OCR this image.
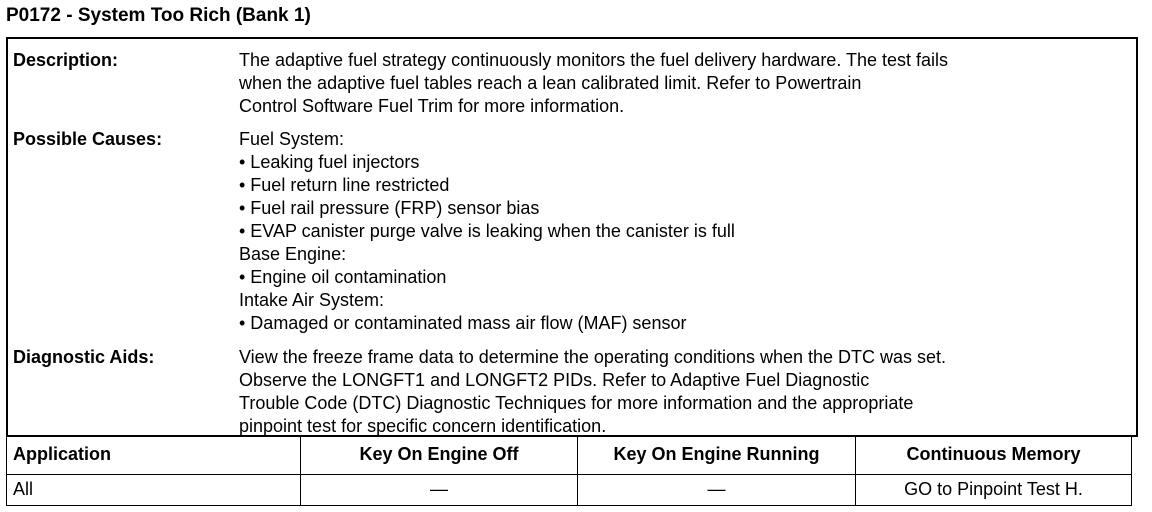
P0172 - System Too Rich (Bank 1)
Description:	The adaptive fuel strategy continuously monitors the fuel delivery hardware. The test fails
when the adaptive fuel tables reach a lean calibrated limit. Refer to Powertrain
Control Software Fuel Trim for more information.
Possible Causes:	Fuel System:
• Leaking fuel injectors
• Fuel return line restricted
• Fuel rail pressure (FRP) sensor bias
• EVAP canister purge valve is leaking when the canister is full
Base Engine:
• Engine oil contamination
Intake Air System:
• Damaged or contaminated mass air flow (MAF) sensor
Diagnostic Aids:	View the freeze frame data to determine the operating conditions when the DTC was set.
Observe the LONGFT1 and LONGFT2 PIDs. Refer to Adaptive Fuel Diagnostic
Trouble Code (DTC) Diagnostic Techniques for more information and the appropriate
pinpoint test for specific concern identification.
Application	Key On Engine Off	Key On Engine Running	Continuous Memory
All	—	—	GO to Pinpoint Test H.
